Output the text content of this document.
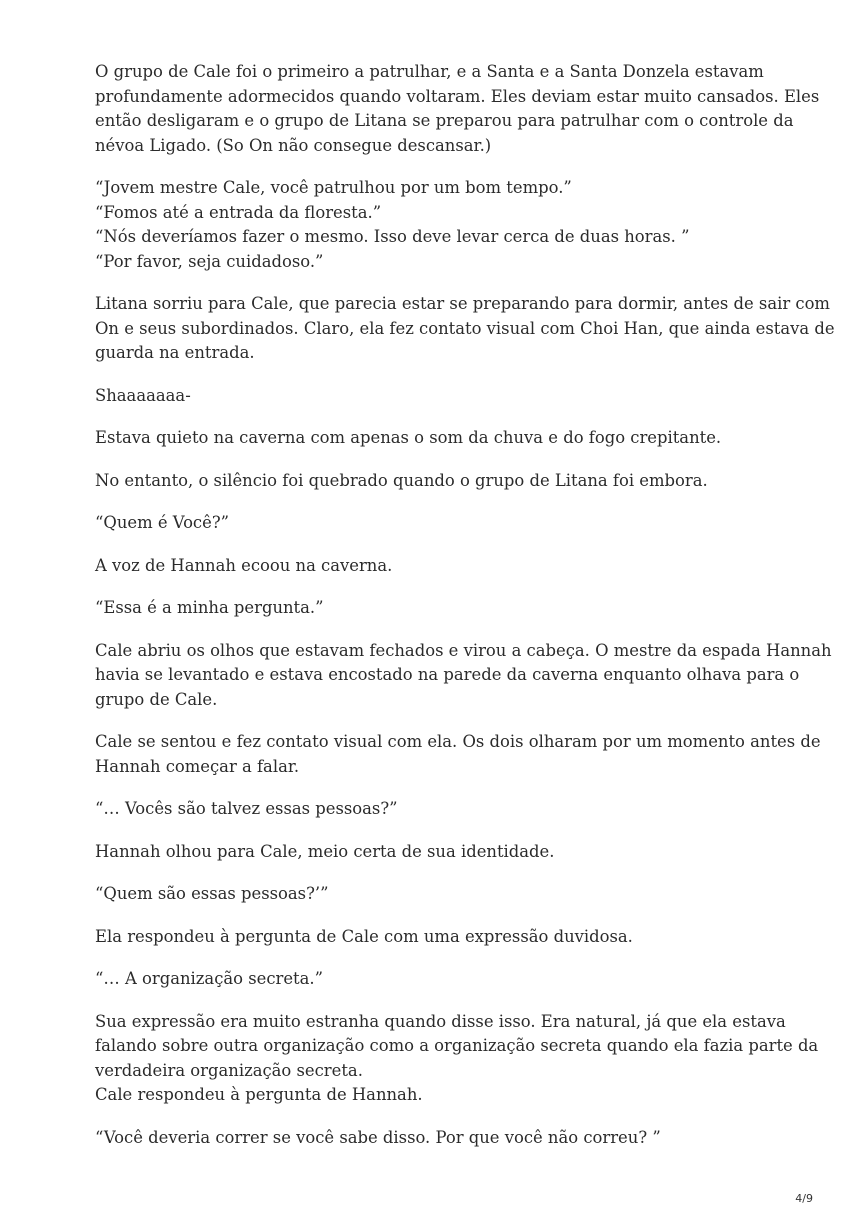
O grupo de Cale foi o primeiro a patrulhar, e a Santa e a Santa Donzela estavam
profundamente adormecidos quando voltaram. Eles deviam estar muito cansados. Eles
então desligaram e o grupo de Litana se preparou para patrulhar com o controle da
névoa Ligado. (So On não consegue descansar.)

“Jovem mestre Cale, você patrulhou por um bom tempo.”
“Fomos até a entrada da floresta.”
“Nós deveríamos fazer o mesmo. Isso deve levar cerca de duas horas. ”
“Por favor, seja cuidadoso.”

Litana sorriu para Cale, que parecia estar se preparando para dormir, antes de sair com
On e seus subordinados. Claro, ela fez contato visual com Choi Han, que ainda estava de
guarda na entrada.

Shaaaaaaa-

Estava quieto na caverna com apenas o som da chuva e do fogo crepitante.

No entanto, o silêncio foi quebrado quando o grupo de Litana foi embora.

“Quem é Você?”

A voz de Hannah ecoou na caverna.

“Essa é a minha pergunta.”

Cale abriu os olhos que estavam fechados e virou a cabeça. O mestre da espada Hannah
havia se levantado e estava encostado na parede da caverna enquanto olhava para o
grupo de Cale.

Cale se sentou e fez contato visual com ela. Os dois olharam por um momento antes de
Hannah começar a falar.

“… Vocês são talvez essas pessoas?”

Hannah olhou para Cale, meio certa de sua identidade.

“Quem são essas pessoas?’”

Ela respondeu à pergunta de Cale com uma expressão duvidosa.

“… A organização secreta.”

Sua expressão era muito estranha quando disse isso. Era natural, já que ela estava
falando sobre outra organização como a organização secreta quando ela fazia parte da
verdadeira organização secreta.
Cale respondeu à pergunta de Hannah.

“Você deveria correr se você sabe disso. Por que você não correu? ”

4/9
